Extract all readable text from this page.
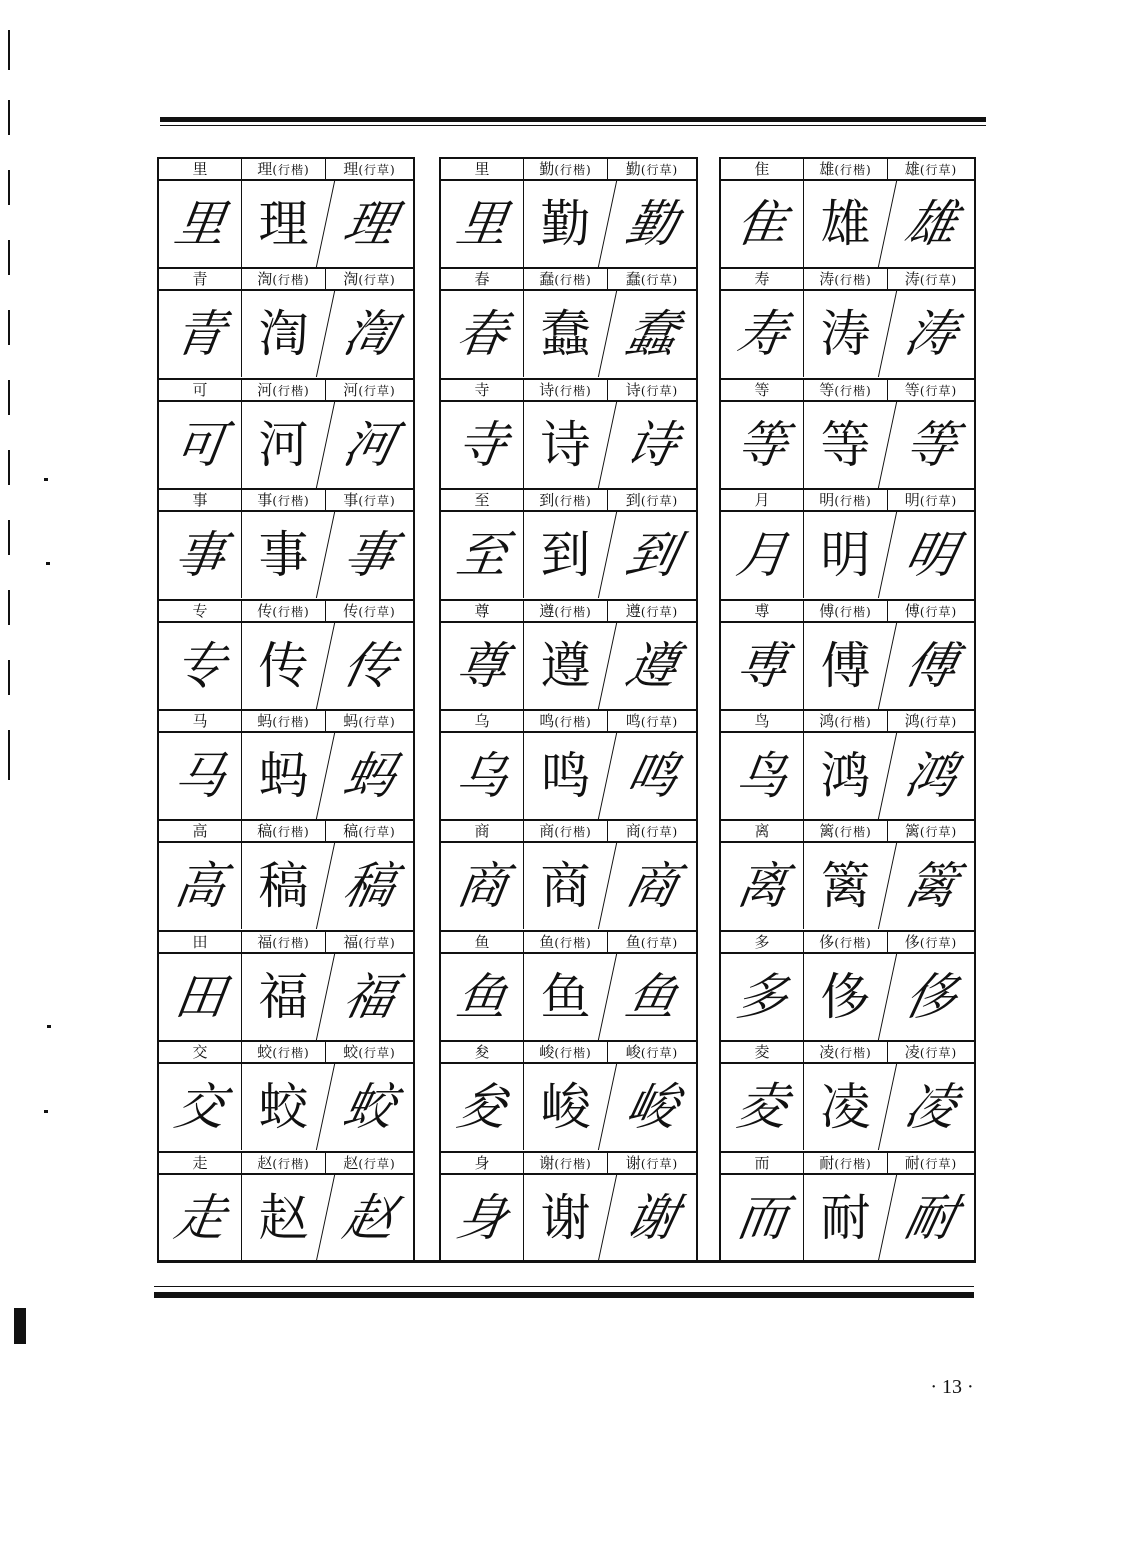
里	理(行楷)	理(行草)
里 理 理
青	渹(行楷)	渹(行草)
青 渹 渹
可	河(行楷)	河(行草)
可 河 河
事	事(行楷)	事(行草)
事 事 事
专	传(行楷)	传(行草)
专 传 传
马	蚂(行楷)	蚂(行草)
马 蚂 蚂
高	稿(行楷)	稿(行草)
高 稿 稿
田	福(行楷)	福(行草)
田 福 福
交	蛟(行楷)	蛟(行草)
交 蛟 蛟
走	赵(行楷)	赵(行草)
走 赵 赵
里	勤(行楷)	勤(行草)
里 勤 勤
春	蠢(行楷)	蠢(行草)
春 蠢 蠢
寺	诗(行楷)	诗(行草)
寺 诗 诗
至	到(行楷)	到(行草)
至 到 到
尊	遵(行楷)	遵(行草)
尊 遵 遵
乌	鸣(行楷)	鸣(行草)
乌 鸣 鸣
商	商(行楷)	商(行草)
商 商 商
鱼	鱼(行楷)	鱼(行草)
鱼 鱼 鱼
夋	峻(行楷)	峻(行草)
夋 峻 峻
身	谢(行楷)	谢(行草)
身 谢 谢
隹	雄(行楷)	雄(行草)
隹 雄 雄
寿	涛(行楷)	涛(行草)
寿 涛 涛
等	等(行楷)	等(行草)
等 等 等
月	明(行楷)	明(行草)
月 明 明
尃	傅(行楷)	傅(行草)
尃 傅 傅
鸟	鸿(行楷)	鸿(行草)
鸟 鸿 鸿
离	篱(行楷)	篱(行草)
离 篱 篱
多	侈(行楷)	侈(行草)
多 侈 侈
夌	凌(行楷)	凌(行草)
夌 凌 凌
而	耐(行楷)	耐(行草)
而 耐 耐
· 13 ·
